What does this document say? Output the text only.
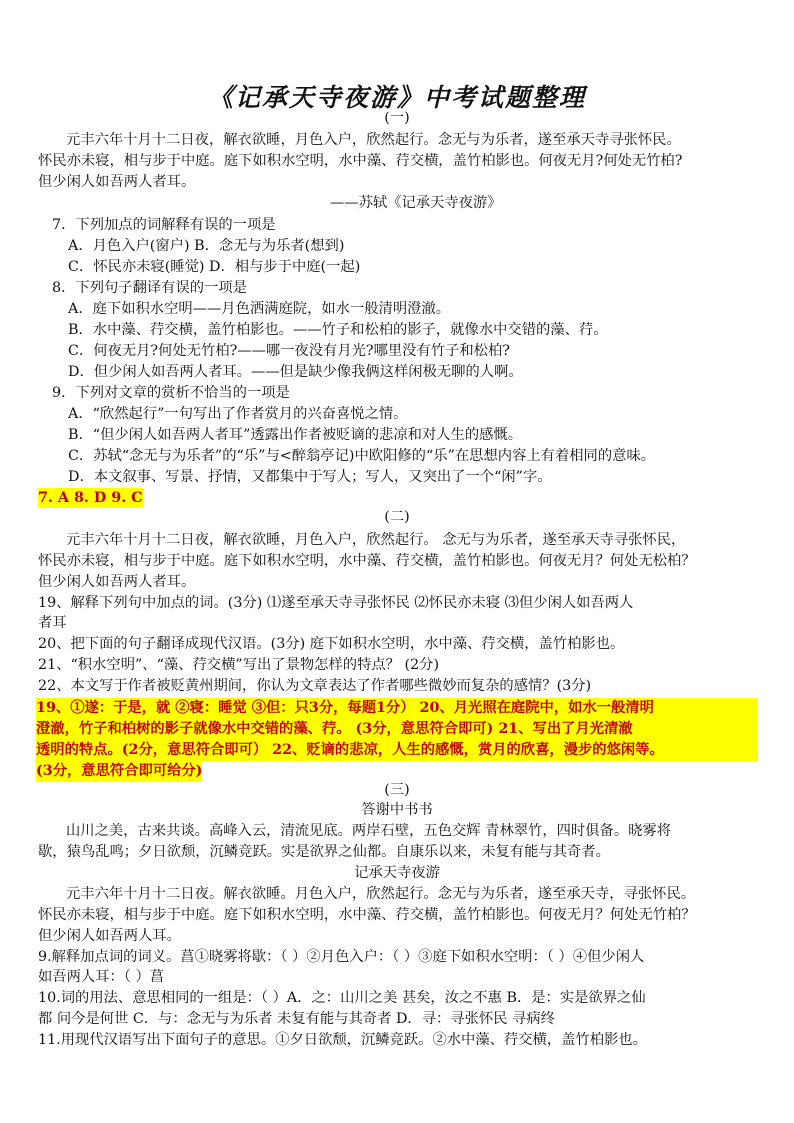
《记承天寺夜游》中考试题整理
(一)
元丰六年十月十二日夜，解衣欲睡，月色入户，欣然起行。念无与为乐者，遂至承天寺寻张怀民。
怀民亦未寝，相与步于中庭。庭下如积水空明，水中藻、荇交横，盖竹柏影也。何夜无月?何处无竹柏?
但少闲人如吾两人者耳。
——苏轼《记承天寺夜游》
7．下列加点的词解释有误的一项是
A．月色入户(窗户) B．念无与为乐者(想到)
C．怀民亦未寝(睡觉) D．相与步于中庭(一起)
8．下列句子翻译有误的一项是
A．庭下如积水空明——月色洒满庭院，如水一般清明澄澈。
B．水中藻、荇交横，盖竹柏影也。——竹子和松柏的影子，就像水中交错的藻、荇。
C．何夜无月?何处无竹柏?——哪一夜没有月光?哪里没有竹子和松柏?
D．但少闲人如吾两人者耳。——但是缺少像我俩这样闲极无聊的人啊。
9．下列对文章的赏析不恰当的一项是
A．“欣然起行”一句写出了作者赏月的兴奋喜悦之情。
B．“但少闲人如吾两人者耳”透露出作者被贬谪的悲凉和对人生的感慨。
C．苏轼“念无与为乐者”的“乐”与<醉翁亭记)中欧阳修的“乐”在思想内容上有着相同的意味。
D．本文叙事、写景、抒情，又都集中于写人；写人，又突出了一个“闲”字。
7. A 8. D 9. C
(二)
元丰六年十月十二日夜，解衣欲睡，月色入户，欣然起行。 念无与为乐者，遂至承天寺寻张怀民，
怀民亦未寝，相与步于中庭。庭下如积水空明，水中藻、荇交横，盖竹柏影也。何夜无月？何处无松柏？
但少闲人如吾两人者耳。
19、解释下列句中加点的词。(3分) ⑴遂至承天寺寻张怀民 ⑵怀民亦未寝 ⑶但少闲人如吾两人
者耳
20、把下面的句子翻译成现代汉语。(3分) 庭下如积水空明，水中藻、荇交横，盖竹柏影也。
21、“积水空明”、“藻、荇交横”写出了景物怎样的特点？ (2分)
22、本文写于作者被贬黄州期间，你认为文章表达了作者哪些微妙而复杂的感情？(3分)
19、①遂：于是，就 ②寝：睡觉 ③但：只3分，每题1分） 20、月光照在庭院中，如水一般清明
澄澈，竹子和柏树的影子就像水中交错的藻、荇。 (3分，意思符合即可) 21、写出了月光清澈
透明的特点。(2分，意思符合即可） 22、贬谪的悲凉，人生的感慨，赏月的欣喜，漫步的悠闲等。
(3分，意思符合即可给分)
(三)
答谢中书书
山川之美，古来共谈。高峰入云，清流见底。两岸石壁，五色交辉 青林翠竹，四时俱备。晓雾将
歇，猿鸟乱鸣；夕日欲颓，沉鳞竞跃。实是欲界之仙都。自康乐以来，未复有能与其奇者。
记承天寺夜游
元丰六年十月十二日夜。解衣欲睡。月色入户，欣然起行。念无与为乐者，遂至承天寺，寻张怀民。
怀民亦未寝，相与步于中庭。庭下如积水空明，水中藻、荇交横，盖竹柏影也。何夜无月？何处无竹柏？
但少闲人如吾两人耳。
9.解释加点词的词义。菖①晓雾将歇：（ ）②月色入户：（ ）③庭下如积水空明：（ ）④但少闲人
如吾两人耳：（ ）菖
10.词的用法、意思相同的一组是：（ ）A．之：山川之美 甚矣，汝之不惠 B．是：实是欲界之仙
都 问今是何世 C．与：念无与为乐者 未复有能与其奇者 D．寻：寻张怀民 寻病终
11.用现代汉语写出下面句子的意思。①夕日欲颓，沉鳞竞跃。②水中藻、荇交横，盖竹柏影也。
